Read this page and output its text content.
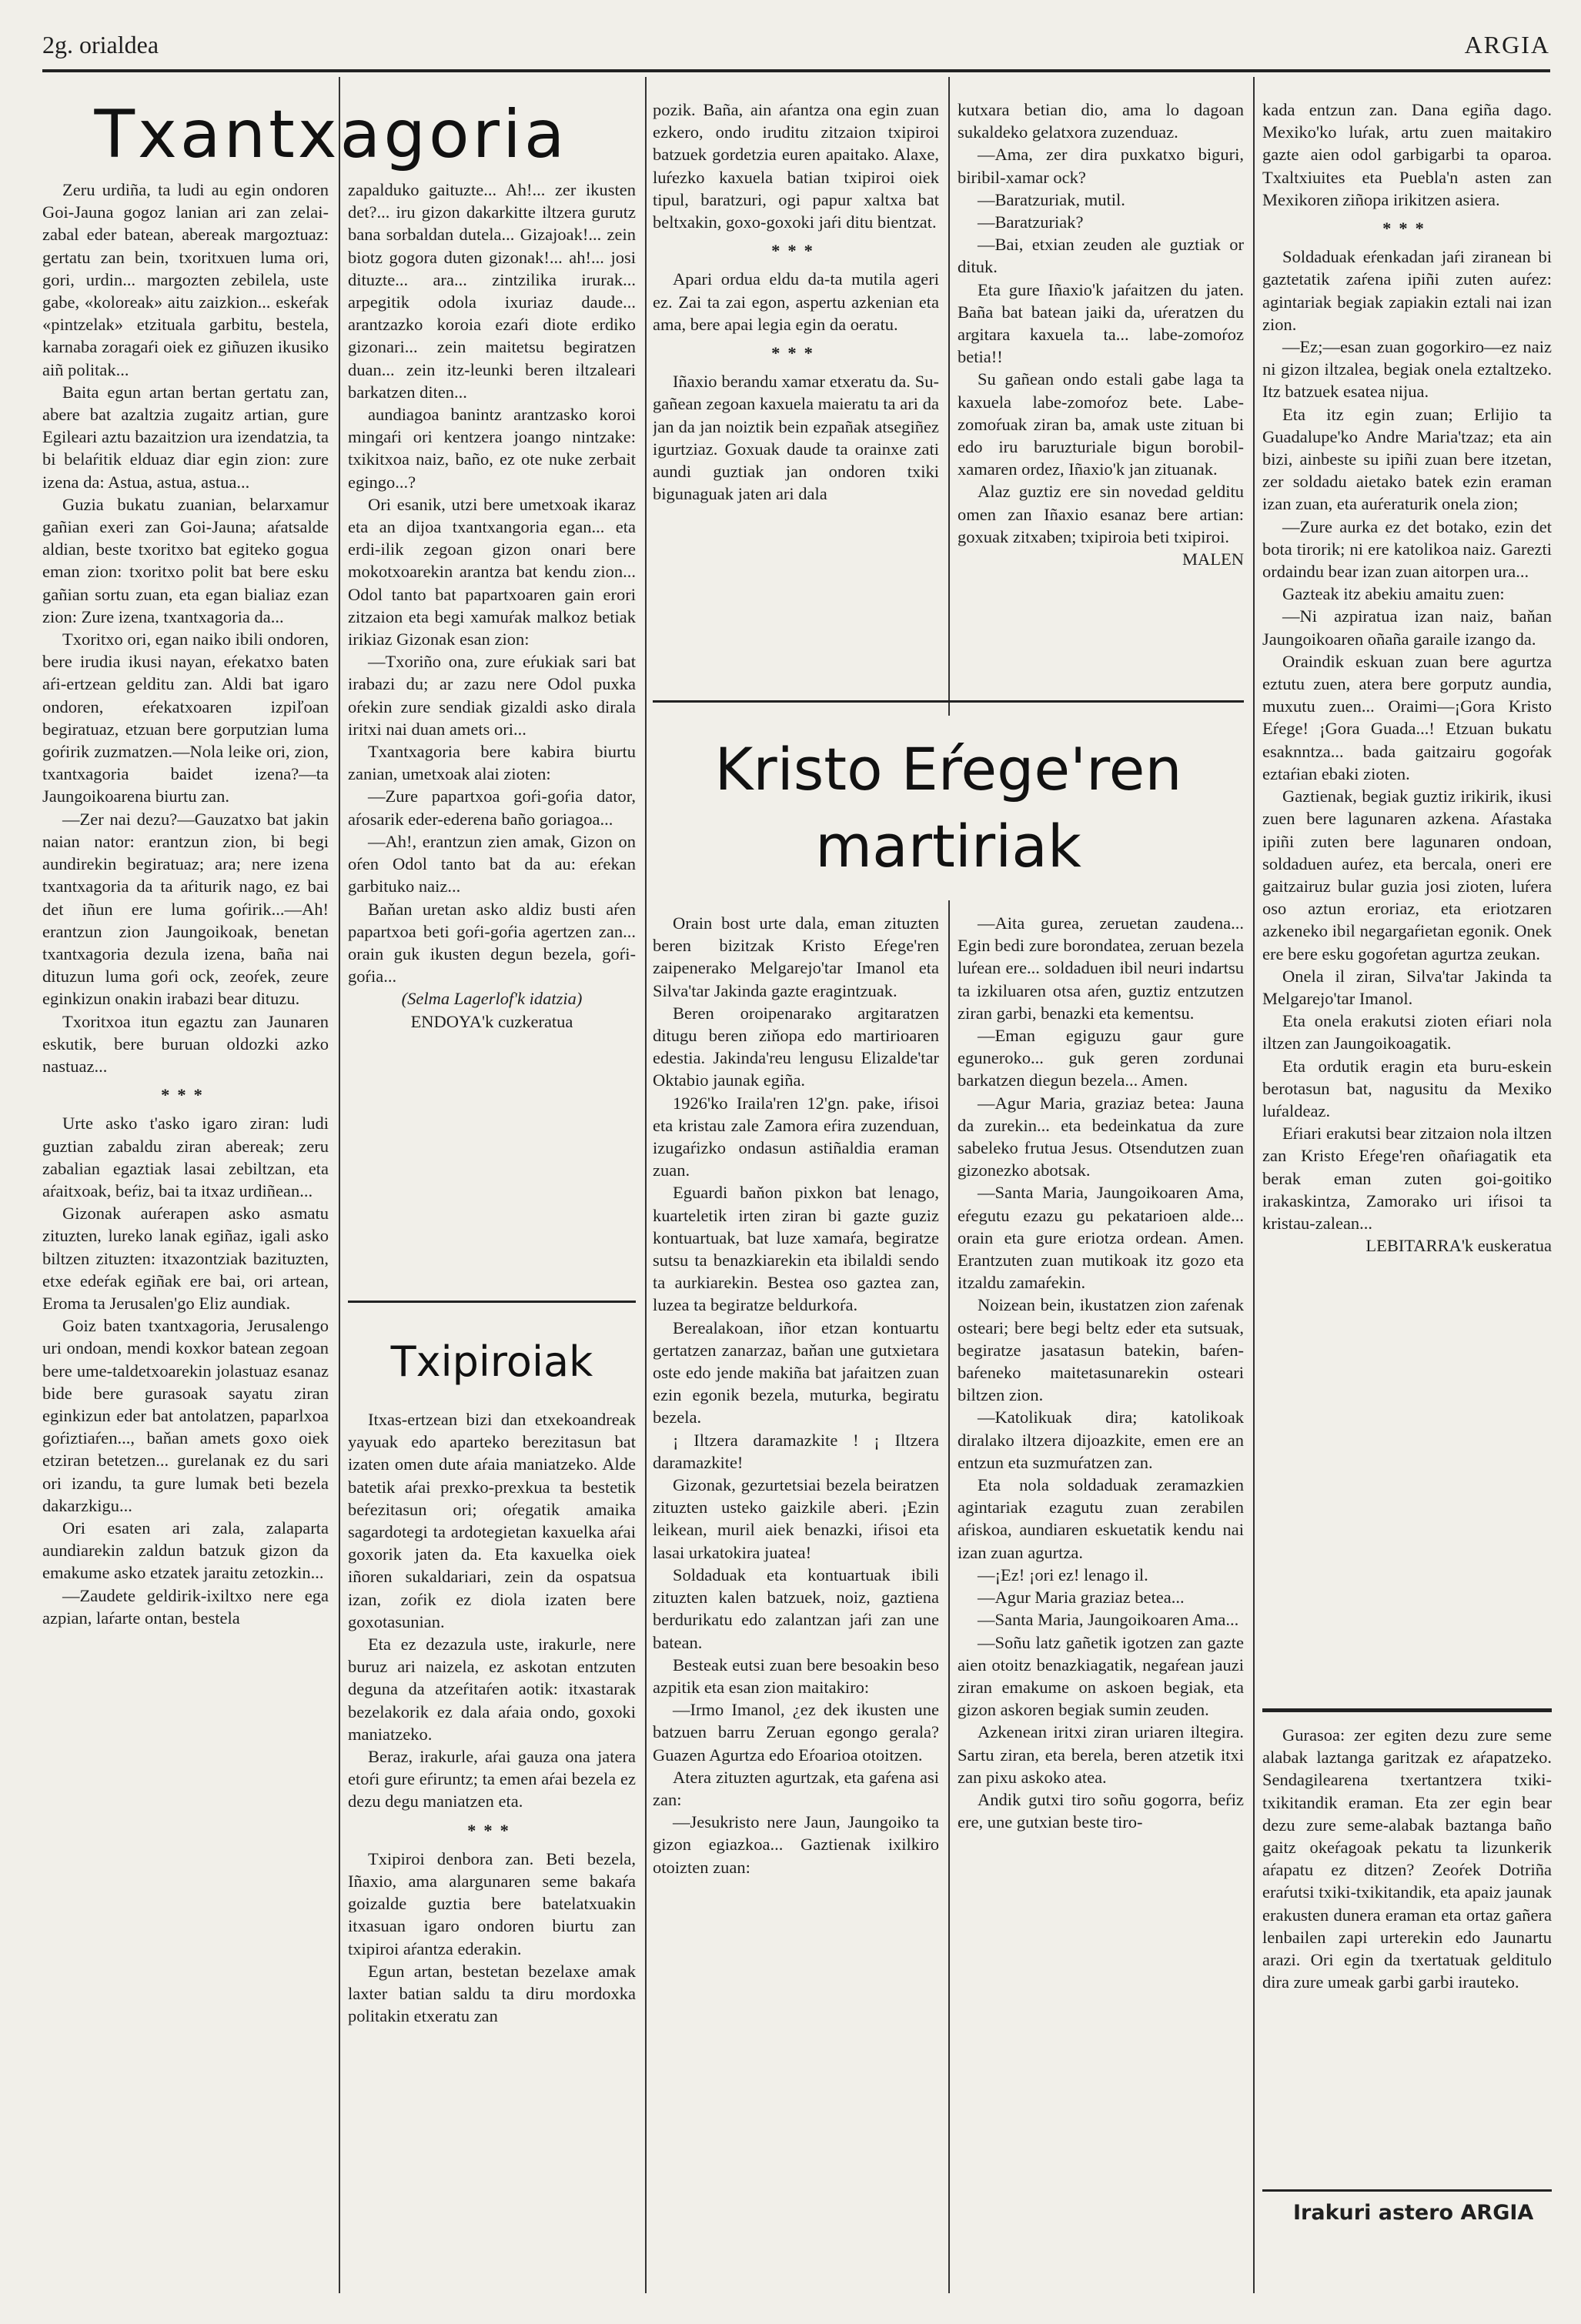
2g. orialdea	ARGIA
Txantxagoria

Zeru urdiña, ta ludi au egin ondoren Goi-Jauna gogoz lanian ari zan zelai-zabal eder batean, abereak margoztuaz: gertatu zan bein, txoritxuen luma ori, gori, urdin... margozten zebilela, uste gabe, «koloreak» aitu zaizkion... eskeŕak «pintzelak» etzituala garbitu, bestela, karnaba zoragaŕi oiek ez giñuzen ikusiko aiñ politak...

Baita egun artan bertan gertatu zan, abere bat azaltzia zugaitz artian, gure Egileari aztu bazaitzion ura izendatzia, ta bi belaŕitik elduaz diar egin zion: zure izena da: Astua, astua, astua...

Guzia bukatu zuanian, belarxamur gañian exeri zan Goi-Jauna; aŕatsalde aldian, beste txoritxo bat egiteko gogua eman zion: txoritxo polit bat bere esku gañian sortu zuan, eta egan bialiaz ezan zion: Zure izena, txantxagoria da...

Txoritxo ori, egan naiko ibili ondoren, bere irudia ikusi nayan, eŕekatxo baten aŕi-ertzean gelditu zan. Aldi bat igaro ondoren, eŕekatxoaren izpiľoan begiratuaz, etzuan bere gorputzian luma goŕirik zuzmatzen.—Nola leike ori, zion, txantxagoria baidet izena?—ta Jaungoikoarena biurtu zan.

—Zer nai dezu?—Gauzatxo bat jakin naian nator: erantzun zion, bi begi aundirekin begiratuaz; ara; nere izena txantxagoria da ta aŕiturik nago, ez bai det iñun ere luma goŕirik...—Ah! erantzun zion Jaungoikoak, benetan txantxagoria dezula izena, baña nai dituzun luma goŕi ock, zeoŕek, zeure eginkizun onakin irabazi bear dituzu.

Txoritxoa itun egaztu zan Jaunaren eskutik, bere buruan oldozki azko nastuaz...

***

Urte asko t'asko igaro ziran: ludi guztian zabaldu ziran abereak; zeru zabalian egaztiak lasai zebiltzan, eta aŕaitxoak, beŕiz, bai ta itxaz urdiñean...

Gizonak auŕerapen asko asmatu zituzten, lureko lanak egiñaz, igali asko biltzen zituzten: itxazontziak bazituzten, etxe edeŕak egiñak ere bai, ori artean, Eroma ta Jerusalen'go Eliz aundiak.

Goiz baten txantxagoria, Jerusalengo uri ondoan, mendi koxkor batean zegoan bere ume-taldetxoarekin jolastuaz esanaz bide bere gurasoak sayatu ziran eginkizun eder bat antolatzen, paparlxoa goŕiztiaŕen..., baňan amets goxo oiek etziran betetzen... gurelanak ez du sari ori izandu, ta gure lumak beti bezela dakarzkigu...

Ori esaten ari zala, zalaparta aundiarekin zaldun batzuk gizon da emakume asko etzatek jaraitu zetozkin...

—Zaudete geldirik-ixiltxo nere ega azpian, laŕarte ontan, bestela

zapalduko gaituzte... Ah!... zer ikusten det?... iru gizon dakarkitte iltzera gurutz bana sorbaldan dutela... Gizajoak!... zein biotz gogora duten gizonak!... ah!... josi dituzte... ara... zintzilika irurak... arpegitik odola ixuriaz daude... arantzazko koroia ezaŕi diote erdiko gizonari... zein maitetsu begiratzen duan... zein itz-leunki beren iltzaleari barkatzen diten...

aundiagoa banintz arantzasko koroi mingaŕi ori kentzera joango nintzake: txikitxoa naiz, baño, ez ote nuke zerbait egingo...?

Ori esanik, utzi bere umetxoak ikaraz eta an dijoa txantxangoria egan... eta erdi-ilik zegoan gizon onari bere mokotxoarekin arantza bat kendu zion... Odol tanto bat papartxoaren gain erori zitzaion eta begi xamuŕak malkoz betiak irikiaz Gizonak esan zion:

—Txoriño ona, zure eŕukiak sari bat irabazi du; ar zazu nere Odol puxka oŕekin zure sendiak gizaldi asko dirala iritxi nai duan amets ori...

Txantxagoria bere kabira biurtu zanian, umetxoak alai zioten:

—Zure papartxoa goŕi-goŕia dator, aŕosarik eder-ederena baño goriagoa...

—Ah!, erantzun zien amak, Gizon on oŕen Odol tanto bat da au: eŕekan garbituko naiz...

Baňan uretan asko aldiz busti aŕen papartxoa beti goŕi-goŕia agertzen zan... orain guk ikusten degun bezela, goŕi-goŕia...

(Selma Lagerlof'k idatzia)

ENDOYA'k cuzkeratua

Txipiroiak

Itxas-ertzean bizi dan etxekoandreak yayuak edo aparteko berezitasun bat izaten omen dute aŕaia maniatzeko. Alde batetik aŕai prexko-prexkua ta bestetik beŕezitasun ori; oŕegatik amaika sagardotegi ta ardotegietan kaxuelka aŕai goxorik jaten da. Eta kaxuelka oiek iñoren sukaldariari, zein da ospatsua izan, zoŕik ez diola izaten bere goxotasunian.

Eta ez dezazula uste, irakurle, nere buruz ari naizela, ez askotan entzuten deguna da atzeŕitaŕen aotik: itxastarak bezelakorik ez dala aŕaia ondo, goxoki maniatzeko.

Beraz, irakurle, aŕai gauza ona jatera etoŕi gure eŕiruntz; ta emen aŕai bezela ez dezu degu maniatzen eta.

***

Txipiroi denbora zan. Beti bezela, Iñaxio, ama alargunaren seme bakaŕa goizalde guztia bere batelatxuakin itxasuan igaro ondoren biurtu zan txipiroi aŕantza ederakin.

Egun artan, bestetan bezelaxe amak laxter batian saldu ta diru mordoxka politakin etxeratu zan

pozik. Baña, ain aŕantza ona egin zuan ezkero, ondo iruditu zitzaion txipiroi batzuek gordetzia euren apaitako. Alaxe, luŕezko kaxuela batian txipiroi oiek tipul, baratzuri, ogi papur xaltxa bat beltxakin, goxo-goxoki jaŕi ditu bientzat.

***

Apari ordua eldu da-ta mutila ageri ez. Zai ta zai egon, aspertu azkenian eta ama, bere apai legia egin da oeratu.

***

Iñaxio berandu xamar etxeratu da. Su-gañean zegoan kaxuela maieratu ta ari da jan da jan noiztik bein ezpañak atsegiñez igurtziaz. Goxuak daude ta orainxe zati aundi guztiak jan ondoren txiki bigunaguak jaten ari dala

kutxara betian dio, ama lo dagoan sukaldeko gelatxora zuzenduaz.

—Ama, zer dira puxkatxo biguri, biribil-xamar ock?

—Baratzuriak, mutil.

—Baratzuriak?

—Bai, etxian zeuden ale guztiak or dituk.

Eta gure Iñaxio'k jaŕaitzen du jaten. Baña bat batean jaiki da, uŕeratzen du argitara kaxuela ta... labe-zomoŕoz betia!!

Su gañean ondo estali gabe laga ta kaxuela labe-zomoŕoz bete. Labe-zomoŕuak ziran ba, amak uste zituan bi edo iru baruzturiale bigun borobil-xamaren ordez, Iñaxio'k jan zituanak.

Alaz guztiz ere sin novedad gelditu omen zan Iñaxio esanaz bere artian: goxuak zitxaben; txipiroia beti txipiroi.

MALEN

Kristo Eŕege'ren
martiriak

Orain bost urte dala, eman zituzten beren bizitzak Kristo Eŕege'ren zaipenerako Melgarejo'tar Imanol eta Silva'tar Jakinda gazte eragintzuak.

Beren oroipenarako argitaratzen ditugu beren ziňopa edo martirioaren edestia. Jakinda'reu lengusu Elizalde'tar Oktabio jaunak egiña.

1926'ko Iraila'ren 12'gn. pake, iŕisoi eta kristau zale Zamora eŕira zuzenduan, izugaŕizko ondasun astiñaldia eraman zuan.

Eguardi baňon pixkon bat lenago, kuarteletik irten ziran bi gazte guziz kontuartuak, bat luze xamaŕa, begiratze sutsu ta benazkiarekin eta ibilaldi sendo ta aurkiarekin. Bestea oso gaztea zan, luzea ta begiratze beldurkoŕa.

Berealakoan, iñor etzan kontuartu gertatzen zanarzaz, baňan une gutxietara oste edo jende makiña bat jaŕaitzen zuan ezin egonik bezela, muturka, begiratu bezela.

¡ Iltzera daramazkite ! ¡ Iltzera daramazkite!

Gizonak, gezurtetsiai bezela beiratzen zituzten usteko gaizkile aberi. ¡Ezin leikean, muril aiek benazki, iŕisoi eta lasai urkatokira juatea!

Soldaduak eta kontuartuak ibili zituzten kalen batzuek, noiz, gaztiena berdurikatu edo zalantzan jaŕi zan une batean.

Besteak eutsi zuan bere besoakin beso azpitik eta esan zion maitakiro:

—Irmo Imanol, ¿ez dek ikusten une batzuen barru Zeruan egongo gerala? Guazen Agurtza edo Eŕoarioa otoitzen.

Atera zituzten agurtzak, eta gaŕena asi zan:

—Jesukristo nere Jaun, Jaungoiko ta gizon egiazkoa... Gaztienak ixilkiro otoizten zuan:

—Aita gurea, zeruetan zaudena... Egin bedi zure borondatea, zeruan bezela luŕean ere... soldaduen ibil neuri indartsu ta izkiluaren otsa aŕen, guztiz entzutzen ziran garbi, benazki eta kementsu.

—Eman egiguzu gaur gure eguneroko... guk geren zordunai barkatzen diegun bezela... Amen.

—Agur Maria, graziaz betea: Jauna da zurekin... eta bedeinkatua da zure sabeleko frutua Jesus. Otsendutzen zuan gizonezko abotsak.

—Santa Maria, Jaungoikoaren Ama, eŕegutu ezazu gu pekatarioen alde... orain eta gure eriotza ordean. Amen. Erantzuten zuan mutikoak itz gozo eta itzaldu zamaŕekin.

Noizean bein, ikustatzen zion zaŕenak osteari; bere begi beltz eder eta sutsuak, begiratze jasatasun batekin, baŕen-baŕeneko maitetasunarekin osteari biltzen zion.

—Katolikuak dira; katolikoak diralako iltzera dijoazkite, emen ere an entzun eta suzmuŕatzen zan.

Eta nola soldaduak zeramazkien agintariak ezagutu zuan zerabilen aŕiskoa, aundiaren eskuetatik kendu nai izan zuan agurtza.

—¡Ez! ¡ori ez! lenago il.

—Agur Maria graziaz betea...

—Santa Maria, Jaungoikoaren Ama...

—Soñu latz gañetik igotzen zan gazte aien otoitz benazkiagatik, negaŕean jauzi ziran emakume on askoen begiak, eta gizon askoren begiak sumin zeuden.

Azkenean iritxi ziran uriaren iltegira. Sartu ziran, eta berela, beren atzetik itxi zan pixu askoko atea.

Andik gutxi tiro soñu gogorra, beŕiz ere, une gutxian beste tiro-

kada entzun zan. Dana egiña dago. Mexiko'ko luŕak, artu zuen maitakiro gazte aien odol garbigarbi ta oparoa. Txaltxiuites eta Puebla'n asten zan Mexikoren ziñopa irikitzen asiera.

***

Soldaduak eŕenkadan jaŕi ziranean bi gaztetatik zaŕena ipiñi zuten auŕez: agintariak begiak zapiakin eztali nai izan zion.

—Ez;—esan zuan gogorkiro—ez naiz ni gizon iltzalea, begiak onela eztaltzeko. Itz batzuek esatea nijua.

Eta itz egin zuan; Erlijio ta Guadalupe'ko Andre Maria'tzaz; eta ain bizi, ainbeste su ipiñi zuan bere itzetan, zer soldadu aietako batek ezin eraman izan zuan, eta auŕeraturik onela zion;

—Zure aurka ez det botako, ezin det bota tirorik; ni ere katolikoa naiz. Garezti ordaindu bear izan zuan aitorpen ura...

Gazteak itz abekiu amaitu zuen:

—Ni azpiratua izan naiz, baňan Jaungoikoaren oñaña garaile izango da.

Oraindik eskuan zuan bere agurtza eztutu zuen, atera bere gorputz aundia, muxutu zuen... Oraimi—¡Gora Kristo Eŕege! ¡Gora Guada...! Etzuan bukatu esaknntza... bada gaitzairu gogoŕak eztaŕian ebaki zioten.

Gaztienak, begiak guztiz irikirik, ikusi zuen bere lagunaren azkena. Aŕastaka ipiñi zuten bere lagunaren ondoan, soldaduen auŕez, eta bercala, oneri ere gaitzairuz bular guzia josi zioten, luŕera oso aztun eroriaz, eta eriotzaren azkeneko ibil negargaŕietan egonik. Onek ere bere esku gogoŕetan agurtza zeukan.

Onela il ziran, Silva'tar Jakinda ta Melgarejo'tar Imanol.

Eta onela erakutsi zioten eŕiari nola iltzen zan Jaungoikoagatik.

Eta ordutik eragin eta buru-eskein berotasun bat, nagusitu da Mexiko luŕaldeaz.

Eŕiari erakutsi bear zitzaion nola iltzen zan Kristo Eŕege'ren oñaŕiagatik eta berak eman zuten goi-goitiko irakaskintza, Zamorako uri iŕisoi ta kristau-zalean...

LEBITARRA'k euskeratua

Gurasoa: zer egiten dezu zure seme alabak laztanga garitzak ez aŕapatzeko. Sendagilearena txertantzera txiki-txikitandik eraman. Eta zer egin bear dezu zure seme-alabak baztanga baño gaitz okeŕagoak pekatu ta lizunkerik aŕapatu ez ditzen? Zeoŕek Dotriña eraŕutsi txiki-txikitandik, eta apaiz jaunak erakusten dunera eraman eta ortaz gañera lenbailen zapi urterekin edo Jaunartu arazi. Ori egin da txertatuak gelditulo dira zure umeak garbi garbi irauteko.

Irakuri astero ARGIA
